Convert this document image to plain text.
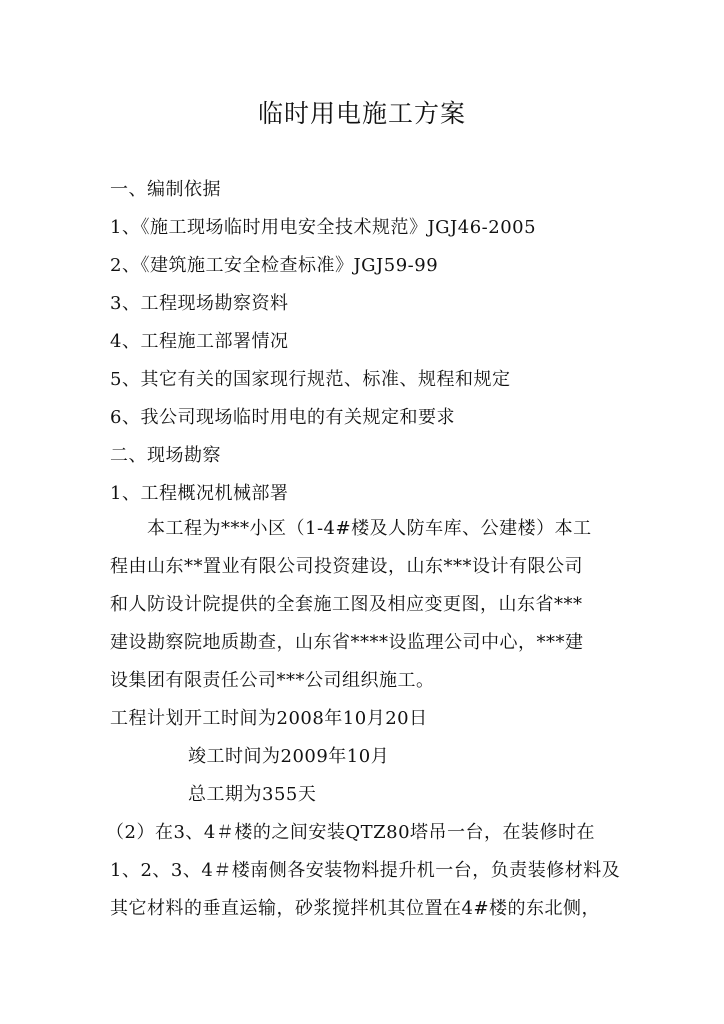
临时用电施工方案
一、编制依据
1、《施工现场临时用电安全技术规范》JGJ46-2005
2、《建筑施工安全检查标准》JGJ59-99
3、工程现场勘察资料
4、工程施工部署情况
5、其它有关的国家现行规范、标准、规程和规定
6、我公司现场临时用电的有关规定和要求
二、现场勘察
1、工程概况机械部署
本工程为***小区（1-4#楼及人防车库、公建楼）本工
程由山东**置业有限公司投资建设，山东***设计有限公司
和人防设计院提供的全套施工图及相应变更图，山东省***
建设勘察院地质勘查，山东省****设监理公司中心，***建
设集团有限责任公司***公司组织施工。
工程计划开工时间为2008年10月20日
竣工时间为2009年10月
总工期为355天
（2）在3、4＃楼的之间安装QTZ80塔吊一台，在装修时在
1、2、3、4＃楼南侧各安装物料提升机一台，负责装修材料及
其它材料的垂直运输，砂浆搅拌机其位置在4#楼的东北侧，
